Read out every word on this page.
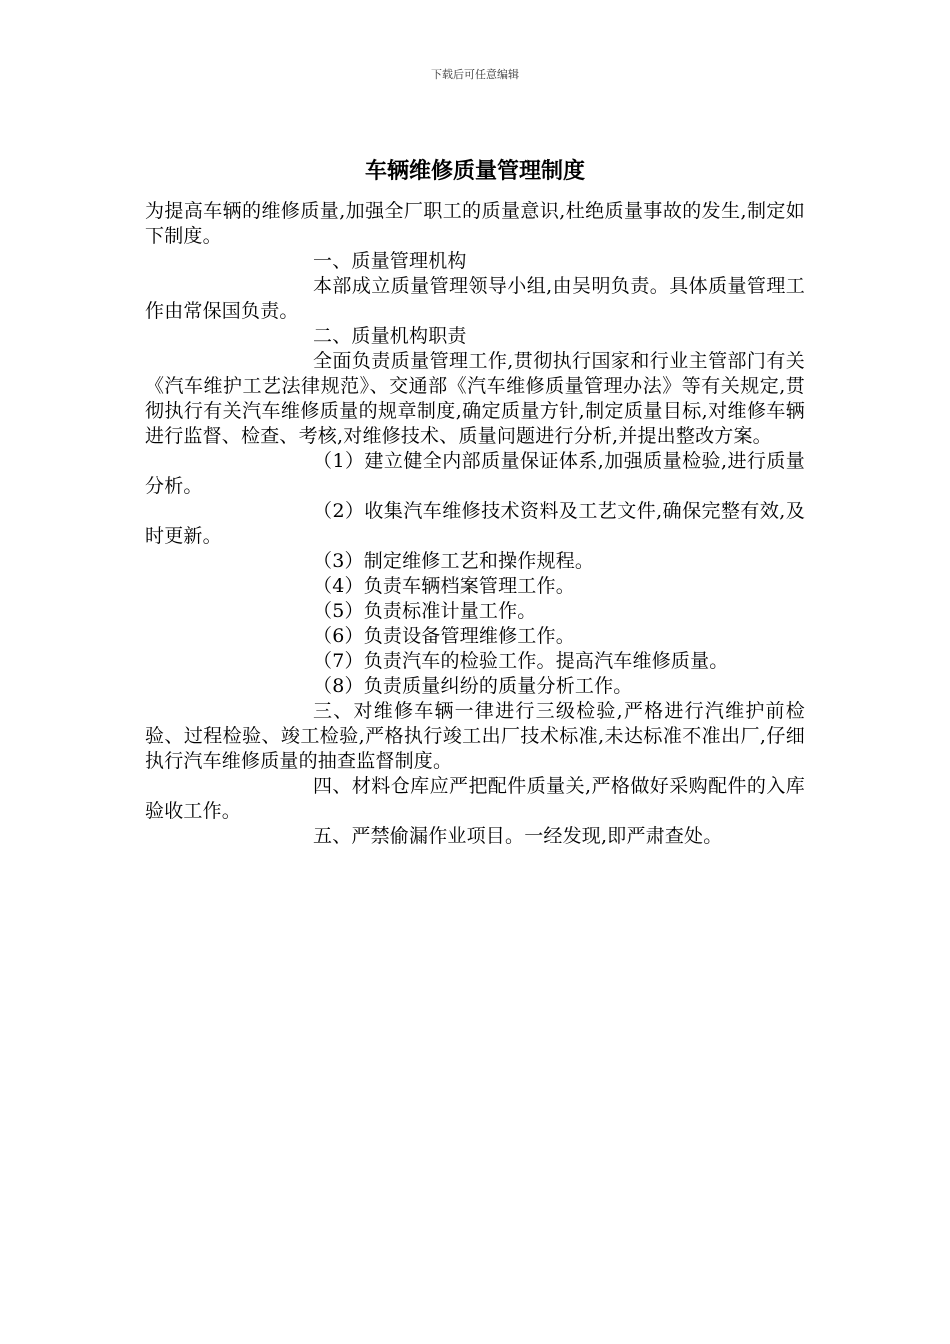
下载后可任意编辑
车辆维修质量管理制度

为提高车辆的维修质量,加强全厂职工的质量意识,杜绝质量事故的发生,制定如下制度。

一、质量管理机构

本部成立质量管理领导小组,由吴明负责。具体质量管理工作由常保国负责。

二、质量机构职责

全面负责质量管理工作,贯彻执行国家和行业主管部门有关《汽车维护工艺法律规范》、交通部《汽车维修质量管理办法》等有关规定,贯彻执行有关汽车维修质量的规章制度,确定质量方针,制定质量目标,对维修车辆进行监督、检查、考核,对维修技术、质量问题进行分析,并提出整改方案。

（1）建立健全内部质量保证体系,加强质量检验,进行质量分析。

（2）收集汽车维修技术资料及工艺文件,确保完整有效,及时更新。

（3）制定维修工艺和操作规程。

（4）负责车辆档案管理工作。

（5）负责标准计量工作。

（6）负责设备管理维修工作。

（7）负责汽车的检验工作。提高汽车维修质量。

（8）负责质量纠纷的质量分析工作。

三、对维修车辆一律进行三级检验,严格进行汽维护前检验、过程检验、竣工检验,严格执行竣工出厂技术标准,未达标准不准出厂,仔细执行汽车维修质量的抽查监督制度。

四、材料仓库应严把配件质量关,严格做好采购配件的入库验收工作。

五、严禁偷漏作业项目。一经发现,即严肃查处。
